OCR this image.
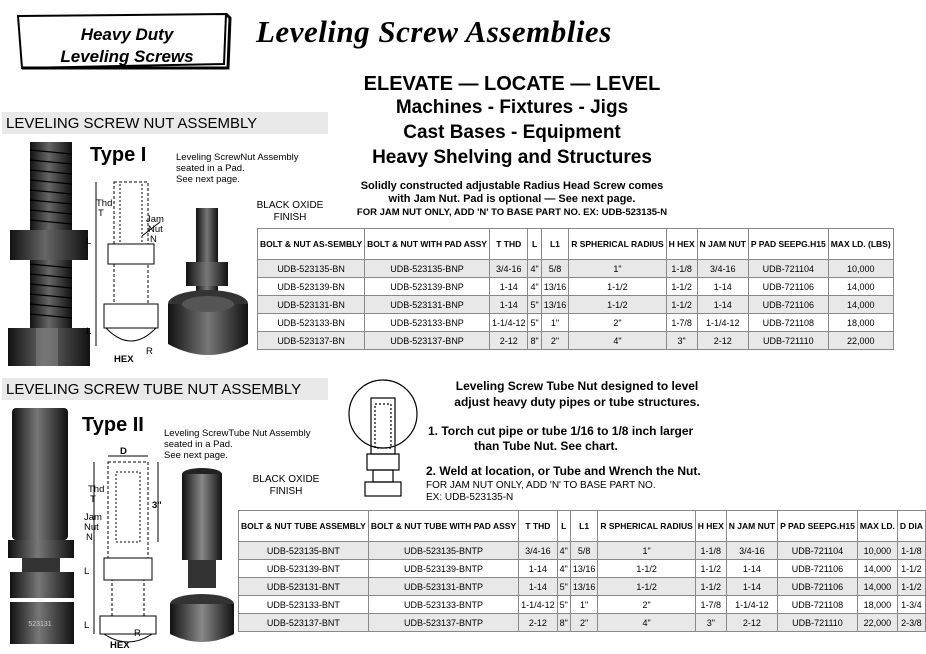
Heavy Duty
Leveling Screws
Leveling Screw Assemblies
ELEVATE — LOCATE — LEVEL
Machines - Fixtures - Jigs
Cast Bases - Equipment
Heavy Shelving and Structures
LEVELING SCREW NUT ASSEMBLY
Type I
Thd
T
Jam
Nut
N
L
L
HEX
R
Leveling ScrewNut Assembly
seated in a Pad.
See next page.
BLACK OXIDE
FINISH
Solidly constructed adjustable Radius Head Screw comes
with Jam Nut. Pad is optional — See next page.
FOR JAM NUT ONLY, ADD 'N' TO BASE PART NO. EX: UDB-523135-N
BOLT & NUT AS-SEMBLY	BOLT & NUT WITH PAD ASSY	T THD	L	L1	R SPHERICAL RADIUS	H HEX	N JAM NUT	P PAD SEEPG.H15	MAX LD. (LBS)
UDB-523135-BN	UDB-523135-BNP	3/4-16	4"	5/8	1"	1-1/8	3/4-16	UDB-721104	10,000
UDB-523139-BN	UDB-523139-BNP	1-14	4"	13/16	1-1/2	1-1/2	1-14	UDB-721106	14,000
UDB-523131-BN	UDB-523131-BNP	1-14	5"	13/16	1-1/2	1-1/2	1-14	UDB-721106	14,000
UDB-523133-BN	UDB-523133-BNP	1-1/4-12	5"	1"	2"	1-7/8	1-1/4-12	UDB-721108	18,000
UDB-523137-BN	UDB-523137-BNP	2-12	8"	2"	4"	3"	2-12	UDB-721110	22,000
LEVELING SCREW TUBE NUT ASSEMBLY
523131
Type II
D
Thd
T
Jam
Nut
N
L
L
3"
HEX
R
Leveling ScrewTube Nut Assembly
seated in a Pad.
See next page.
BLACK OXIDE
FINISH
Leveling Screw Tube Nut designed to level
adjust heavy duty pipes or tube structures.
1. Torch cut pipe or tube 1/16 to 1/8 inch larger
than Tube Nut. See chart.
2. Weld at location, or Tube and Wrench the Nut.
FOR JAM NUT ONLY, ADD 'N' TO BASE PART NO.
EX: UDB-523135-N
BOLT & NUT TUBE ASSEMBLY	BOLT & NUT TUBE WITH PAD ASSY	T THD	L	L1	R SPHERICAL RADIUS	H HEX	N JAM NUT	P PAD SEEPG.H15	MAX LD.	D DIA
UDB-523135-BNT	UDB-523135-BNTP	3/4-16	4"	5/8	1"	1-1/8	3/4-16	UDB-721104	10,000	1-1/8
UDB-523139-BNT	UDB-523139-BNTP	1-14	4"	13/16	1-1/2	1-1/2	1-14	UDB-721106	14,000	1-1/2
UDB-523131-BNT	UDB-523131-BNTP	1-14	5"	13/16	1-1/2	1-1/2	1-14	UDB-721106	14,000	1-1/2
UDB-523133-BNT	UDB-523133-BNTP	1-1/4-12	5"	1"	2"	1-7/8	1-1/4-12	UDB-721108	18,000	1-3/4
UDB-523137-BNT	UDB-523137-BNTP	2-12	8"	2"	4"	3"	2-12	UDB-721110	22,000	2-3/8
